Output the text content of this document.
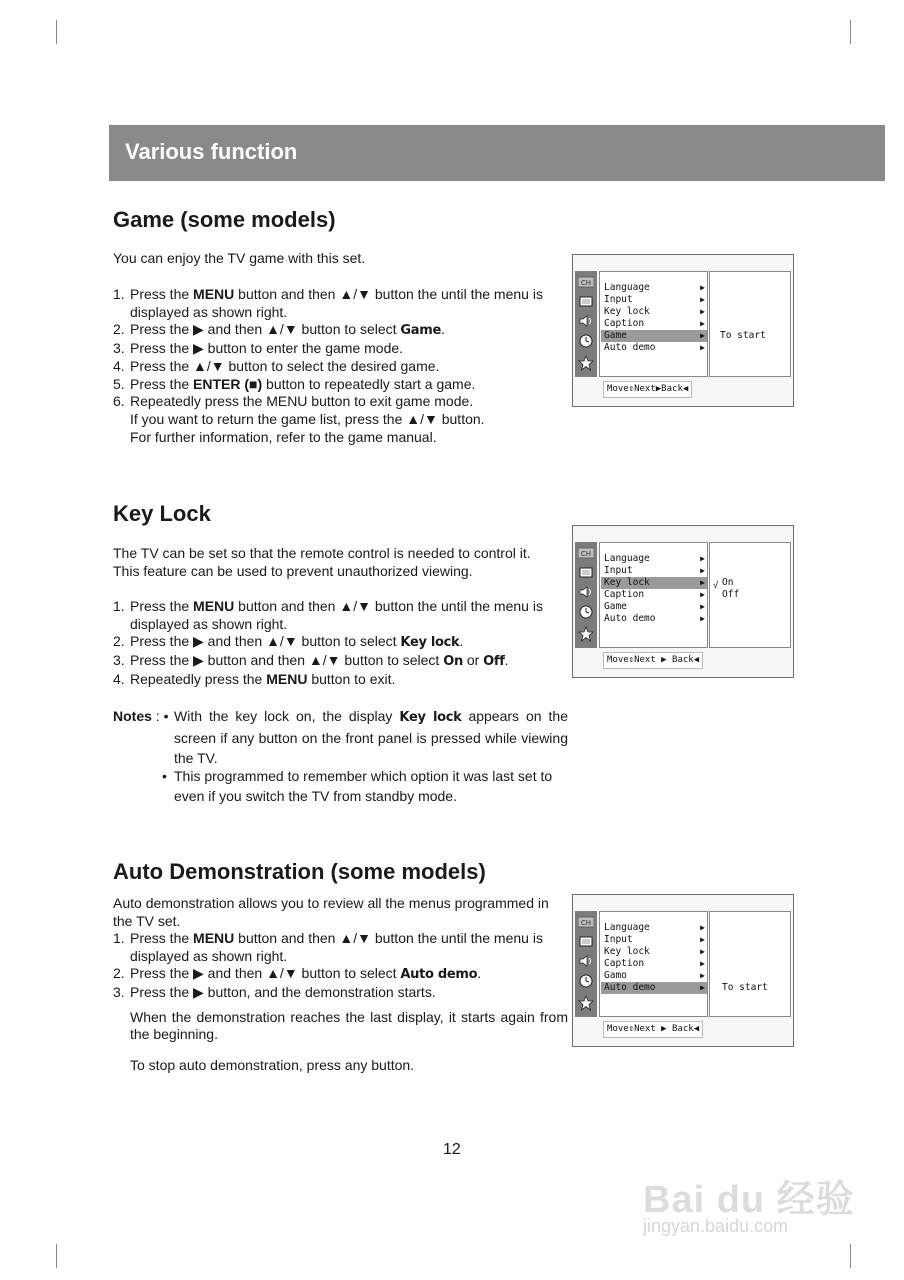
Various function
Game (some models)

You can enjoy the TV game with this set.

1. Press the MENU button and then ▲/▼ button the until the menu is displayed as shown right.
2. Press the ▶ and then ▲/▼ button to select Game.
3. Press the ▶ button to enter the game mode.
4. Press the ▲/▼ button to select the desired game.
5. Press the ENTER (■) button to repeatedly start a game.
6. Repeatedly press the MENU button to exit game mode.
If you want to return the game list, press the ▲/▼ button.
For further information, refer to the game manual.
CH	Language	▶
Input	▶
Key lock	▶
Caption	▶
Game	▶
Auto demo	▶
To start
Move⇕Next▶Back◀
Key Lock

The TV can be set so that the remote control is needed to control it.

This feature can be used to prevent unauthorized viewing.

1. Press the MENU button and then ▲/▼ button the until the menu is displayed as shown right.
2. Press the ▶ and then ▲/▼ button to select Key lock.
3. Press the ▶ button and then ▲/▼ button to select On or Off.
4. Repeatedly press the MENU button to exit.
Notes : • With the key lock on, the display Key lock appears on the screen if any button on the front panel is pressed while viewing the TV.

• This programmed to remember which option it was last set to even if you switch the TV from standby mode.

CH	Language	▶
Input	▶
Key lock	▶
Caption	▶
Game	▶
Auto demo	▶
√ On
Off
Move⇕Next ▶ Back◀
Auto Demonstration (some models)

Auto demonstration allows you to review all the menus programmed in the TV set.

1. Press the MENU button and then ▲/▼ button the until the menu is displayed as shown right.
2. Press the ▶ and then ▲/▼ button to select Auto demo.
3. Press the ▶ button, and the demonstration starts.

When the demonstration reaches the last display, it starts again from the beginning.

To stop auto demonstration, press any button.

CH	Language	▶
Input	▶
Key lock	▶
Caption	▶
Gamo	▶
Auto demo	▶ To start
Move⇕Next ▶ Back◀
12
Bai du 经验
jingyan.baidu.com
